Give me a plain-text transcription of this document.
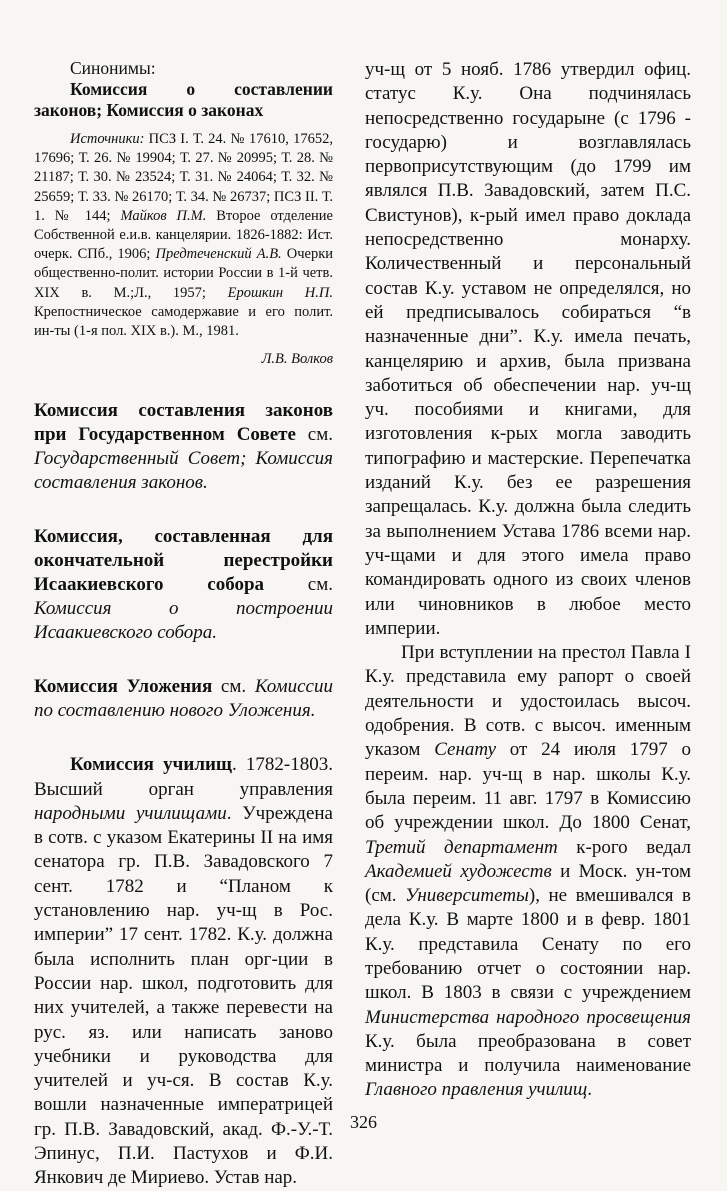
Синонимы:

Комиссия о составлении законов; Комиссия о законах

Источники: ПСЗ I. Т. 24. № 17610, 17652, 17696; Т. 26. № 19904; Т. 27. № 20995; Т. 28. № 21187; Т. 30. № 23524; Т. 31. № 24064; Т. 32. № 25659; Т. 33. № 26170; Т. 34. № 26737; ПСЗ II. Т. 1. № 144; Майков П.М. Второе отделение Собственной е.и.в. канцелярии. 1826-1882: Ист. очерк. СПб., 1906; Предтеченский А.В. Очерки общественно-полит. истории России в 1-й четв. XIX в. М.;Л., 1957; Ерошкин Н.П. Крепостническое самодержавие и его полит. ин-ты (1-я пол. XIX в.). М., 1981.

Л.В. Волков

Комиссия составления законов при Государственном Совете см. Государственный Совет; Комиссия составления законов.

Комиссия, составленная для окончательной перестройки Исаакиевского собора см. Комиссия о построении Исаакиевского собора.

Комиссия Уложения см. Комиссии по составлению нового Уложения.

Комиссия училищ. 1782-1803. Высший орган управления народными училищами. Учреждена в сотв. с указом Екатерины II на имя сенатора гр. П.В. Завадовского 7 сент. 1782 и “Планом к установлению нар. уч-щ в Рос. империи” 17 сент. 1782. К.у. должна была исполнить план орг-ции в России нар. школ, подготовить для них учителей, а также перевести на рус. яз. или написать заново учебники и руководства для учителей и уч-ся. В состав К.у. вошли назначенные императрицей гр. П.В. Завадовский, акад. Ф.-У.-Т. Эпинус, П.И. Пастухов и Ф.И. Янкович де Мириево. Устав нар.

уч-щ от 5 нояб. 1786 утвердил офиц. статус К.у. Она подчинялась непосредственно государыне (с 1796 - государю) и возглавлялась первоприсутствующим (до 1799 им являлся П.В. Завадовский, затем П.С. Свистунов), к-рый имел право доклада непосредственно монарху. Количественный и персональный состав К.у. уставом не определялся, но ей предписывалось собираться “в назначенные дни”. К.у. имела печать, канцелярию и архив, была призвана заботиться об обеспечении нар. уч-щ уч. пособиями и книгами, для изготовления к-рых могла заводить типографию и мастерские. Перепечатка изданий К.у. без ее разрешения запрещалась. К.у. должна была следить за выполнением Устава 1786 всеми нар. уч-щами и для этого имела право командировать одного из своих членов или чиновников в любое место империи.

При вступлении на престол Павла I К.у. представила ему рапорт о своей деятельности и удостоилась высоч. одобрения. В сотв. с высоч. именным указом Сенату от 24 июля 1797 о переим. нар. уч-щ в нар. школы К.у. была переим. 11 авг. 1797 в Комиссию об учреждении школ. До 1800 Сенат, Третий департамент к-рого ведал Академией художеств и Моск. ун-том (см. Университеты), не вмешивался в дела К.у. В марте 1800 и в февр. 1801 К.у. представила Сенату по его требованию отчет о состоянии нар. школ. В 1803 в связи с учреждением Министерства народного просвещения К.у. была преобразована в совет министра и получила наименование Главного правления училищ.

326
